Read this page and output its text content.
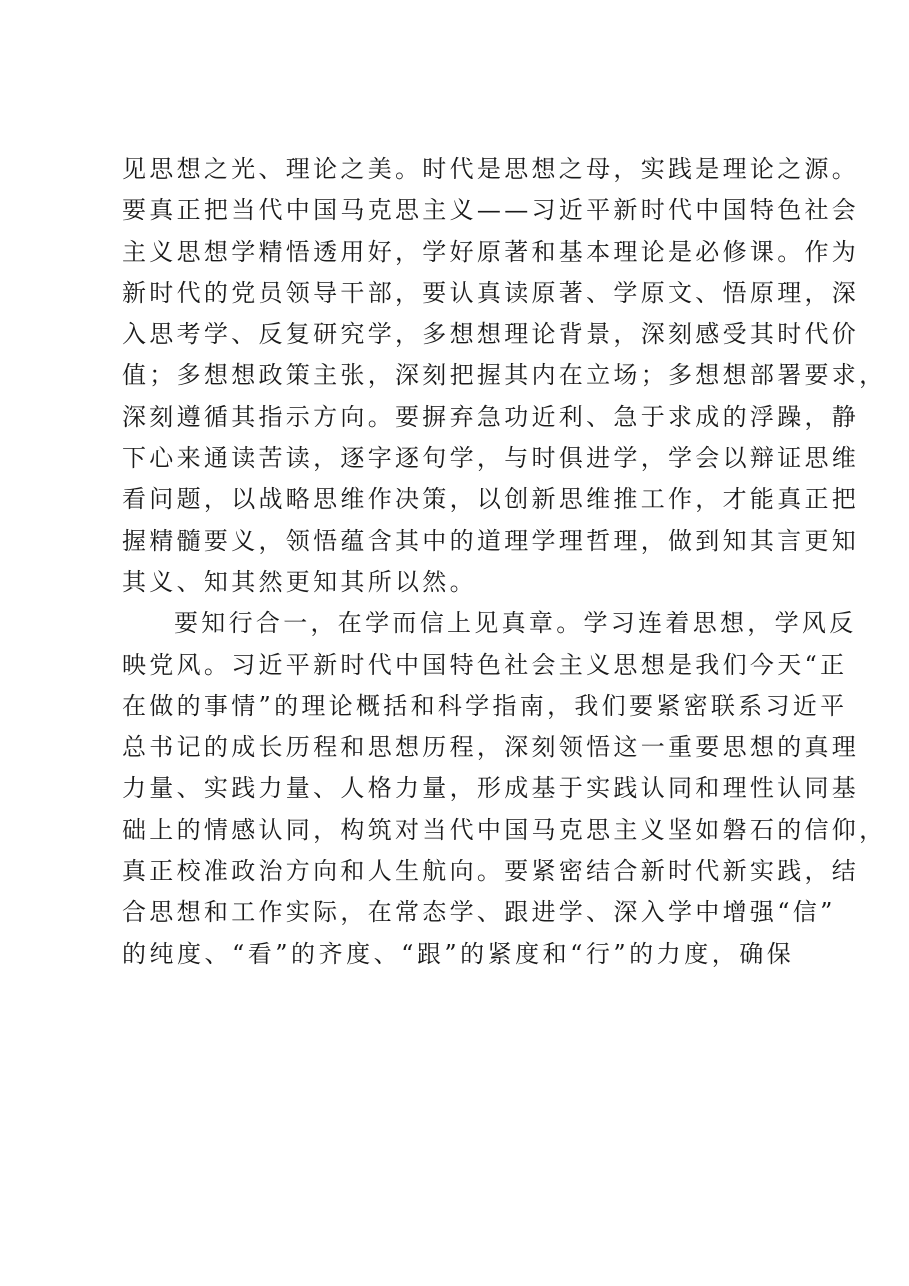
见思想之光、理论之美。时代是思想之母，实践是理论之源。
要真正把当代中国马克思主义——习近平新时代中国特色社会
主义思想学精悟透用好，学好原著和基本理论是必修课。作为
新时代的党员领导干部，要认真读原著、学原文、悟原理，深
入思考学、反复研究学，多想想理论背景，深刻感受其时代价
值；多想想政策主张，深刻把握其内在立场；多想想部署要求，
深刻遵循其指示方向。要摒弃急功近利、急于求成的浮躁，静
下心来通读苦读，逐字逐句学，与时俱进学，学会以辩证思维
看问题，以战略思维作决策，以创新思维推工作，才能真正把
握精髓要义，领悟蕴含其中的道理学理哲理，做到知其言更知
其义、知其然更知其所以然。
要知行合一，在学而信上见真章。学习连着思想，学风反
映党风。习近平新时代中国特色社会主义思想是我们今天“正
在做的事情”的理论概括和科学指南，我们要紧密联系习近平
总书记的成长历程和思想历程，深刻领悟这一重要思想的真理
力量、实践力量、人格力量，形成基于实践认同和理性认同基
础上的情感认同，构筑对当代中国马克思主义坚如磐石的信仰，
真正校准政治方向和人生航向。要紧密结合新时代新实践，结
合思想和工作实际，在常态学、跟进学、深入学中增强“信”
的纯度、“看”的齐度、“跟”的紧度和“行”的力度，确保
